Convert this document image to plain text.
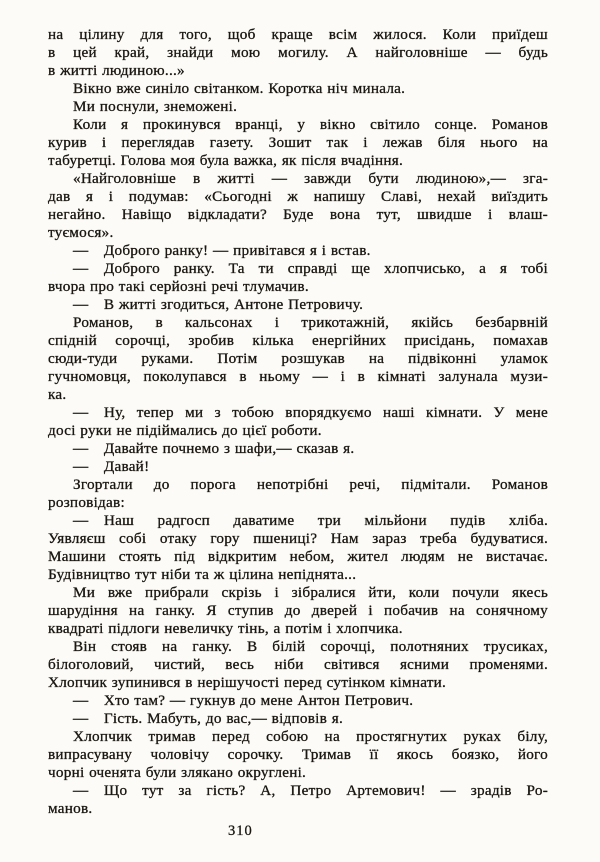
на цілину для того, щоб краще всім жилося. Коли приїдеш
в цей край, знайди мою могилу. А найголовніше — будь
в житті людиною...»
Вікно вже синіло світанком. Коротка ніч минала.
Ми поснули, знеможені.
Коли я прокинувся вранці, у вікно світило сонце. Романов
курив і переглядав газету. Зошит так і лежав біля нього на
табуретці. Голова моя була важка, як після вчадіння.
«Найголовніше в житті — завжди бути людиною»,— зга-
дав я і подумав: «Сьогодні ж напишу Славі, нехай виїздить
негайно. Навіщо відкладати? Буде вона тут, швидше і влаш-
туємося».
— Доброго ранку! — привітався я і встав.
— Доброго ранку. Та ти справді ще хлопчисько, а я тобі
вчора про такі серйозні речі тлумачив.
— В житті згодиться, Антоне Петровичу.
Романов, в кальсонах і трикотажній, якійсь безбарвній
спідній сорочці, зробив кілька енергійних присідань, помахав
сюди-туди руками. Потім розшукав на підвіконні уламок
гучномовця, поколупався в ньому — і в кімнаті залунала музи-
ка.
— Ну, тепер ми з тобою впорядкуємо наші кімнати. У мене
досі руки не підіймались до цієї роботи.
— Давайте почнемо з шафи,— сказав я.
— Давай!
Згортали до порога непотрібні речі, підмітали. Романов
розповідав:
— Наш радгосп даватиме три мільйони пудів хліба.
Уявляєш собі отаку гору пшениці? Нам зараз треба будуватися.
Машини стоять під відкритим небом, жител людям не вистачає.
Будівництво тут ніби та ж цілина непіднята...
Ми вже прибрали скрізь і зібралися йти, коли почули якесь
шарудіння на ганку. Я ступив до дверей і побачив на сонячному
квадраті підлоги невеличку тінь, а потім і хлопчика.
Він стояв на ганку. В білій сорочці, полотняних трусиках,
білоголовий, чистий, весь ніби світився ясними променями.
Хлопчик зупинився в нерішучості перед сутінком кімнати.
— Хто там? — гукнув до мене Антон Петрович.
— Гість. Мабуть, до вас,— відповів я.
Хлопчик тримав перед собою на простягнутих руках білу,
випрасувану чоловічу сорочку. Тримав її якось боязко, його
чорні оченята були злякано округлені.
— Що тут за гість? А, Петро Артемович! — зрадів Ро-
манов.
310
